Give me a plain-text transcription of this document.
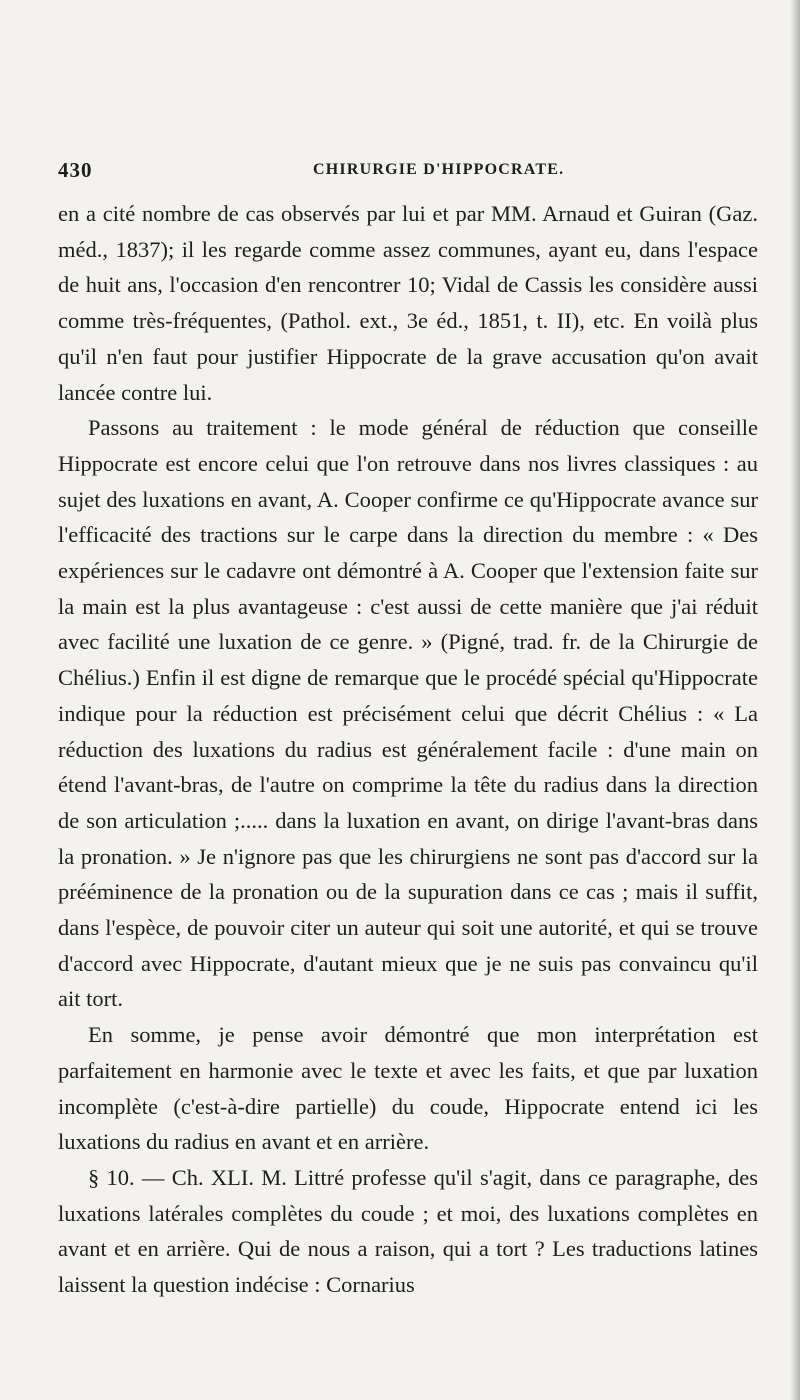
430	CHIRURGIE D'HIPPOCRATE.

en a cité nombre de cas observés par lui et par MM. Arnaud et Guiran (Gaz. méd., 1837); il les regarde comme assez communes, ayant eu, dans l'espace de huit ans, l'occasion d'en rencontrer 10; Vidal de Cassis les considère aussi comme très-fréquentes, (Pathol. ext., 3e éd., 1851, t. II), etc. En voilà plus qu'il n'en faut pour justifier Hippocrate de la grave accusation qu'on avait lancée contre lui.

Passons au traitement : le mode général de réduction que conseille Hippocrate est encore celui que l'on retrouve dans nos livres classiques : au sujet des luxations en avant, A. Cooper confirme ce qu'Hippocrate avance sur l'efficacité des tractions sur le carpe dans la direction du membre : « Des expériences sur le cadavre ont démontré à A. Cooper que l'extension faite sur la main est la plus avantageuse : c'est aussi de cette manière que j'ai réduit avec facilité une luxation de ce genre. » (Pigné, trad. fr. de la Chirurgie de Chélius.) Enfin il est digne de remarque que le procédé spécial qu'Hippocrate indique pour la réduction est précisément celui que décrit Chélius : « La réduction des luxations du radius est généralement facile : d'une main on étend l'avant-bras, de l'autre on comprime la tête du radius dans la direction de son articulation ;..... dans la luxation en avant, on dirige l'avant-bras dans la pronation. » Je n'ignore pas que les chirurgiens ne sont pas d'accord sur la prééminence de la pronation ou de la supuration dans ce cas ; mais il suffit, dans l'espèce, de pouvoir citer un auteur qui soit une autorité, et qui se trouve d'accord avec Hippocrate, d'autant mieux que je ne suis pas convaincu qu'il ait tort.

En somme, je pense avoir démontré que mon interprétation est parfaitement en harmonie avec le texte et avec les faits, et que par luxation incomplète (c'est-à-dire partielle) du coude, Hippocrate entend ici les luxations du radius en avant et en arrière.

§ 10. — Ch. XLI. M. Littré professe qu'il s'agit, dans ce paragraphe, des luxations latérales complètes du coude ; et moi, des luxations complètes en avant et en arrière. Qui de nous a raison, qui a tort ? Les traductions latines laissent la question indécise : Cornarius
